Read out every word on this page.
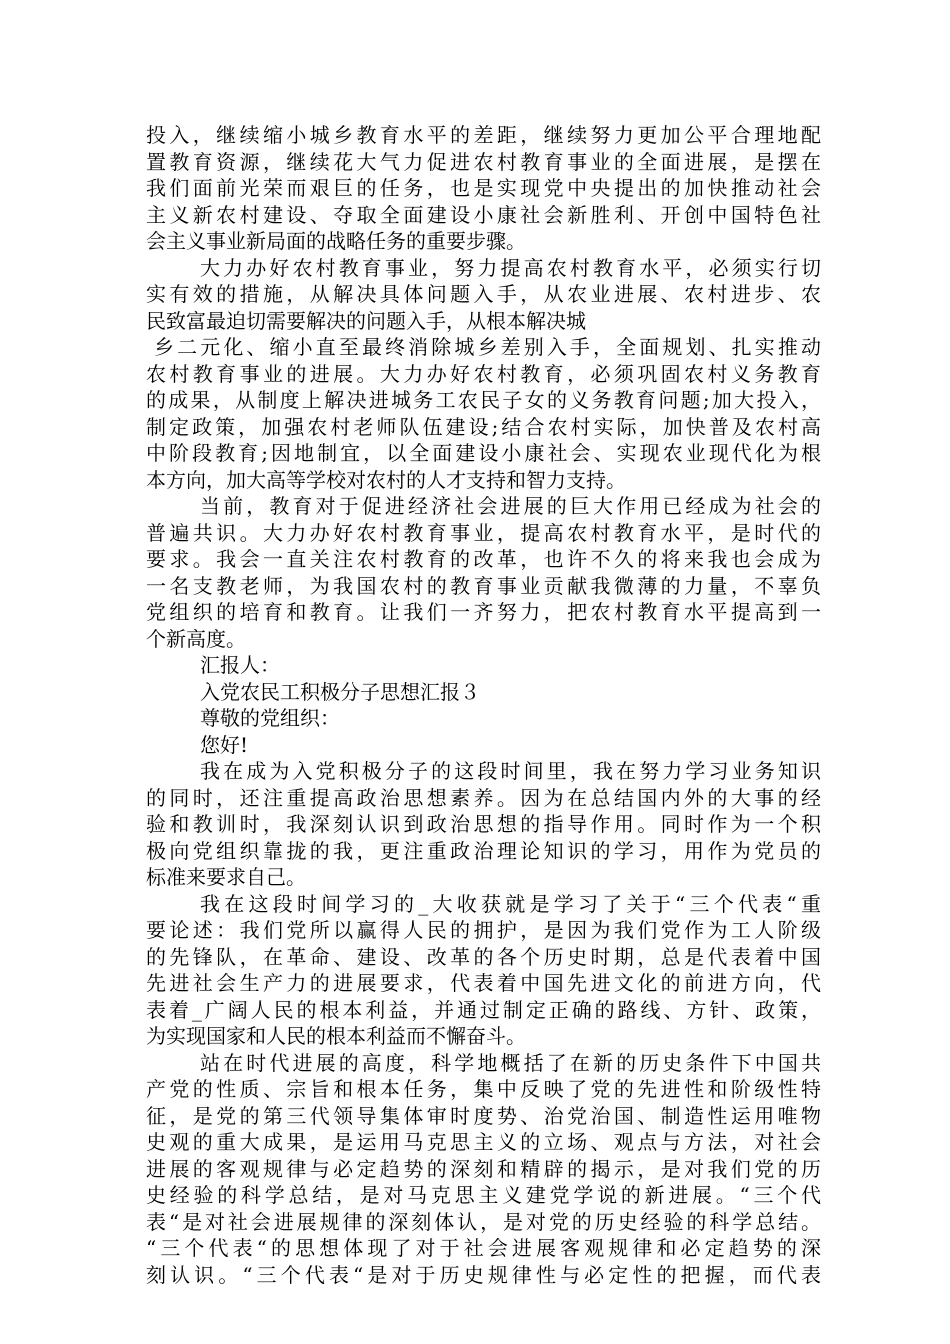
投入，继续缩小城乡教育水平的差距，继续努力更加公平合理地配
置教育资源，继续花大气力促进农村教育事业的全面进展，是摆在
我们面前光荣而艰巨的任务，也是实现党中央提出的加快推动社会
主义新农村建设、夺取全面建设小康社会新胜利、开创中国特色社
会主义事业新局面的战略任务的重要步骤。
大力办好农村教育事业，努力提高农村教育水平，必须实行切
实有效的措施，从解决具体问题入手，从农业进展、农村进步、农
民致富最迫切需要解决的问题入手，从根本解决城
乡二元化、缩小直至最终消除城乡差别入手，全面规划、扎实推动
农村教育事业的进展。大力办好农村教育，必须巩固农村义务教育
的成果，从制度上解决进城务工农民子女的义务教育问题;加大投入，
制定政策，加强农村老师队伍建设;结合农村实际，加快普及农村高
中阶段教育;因地制宜，以全面建设小康社会、实现农业现代化为根
本方向，加大高等学校对农村的人才支持和智力支持。
当前，教育对于促进经济社会进展的巨大作用已经成为社会的
普遍共识。大力办好农村教育事业，提高农村教育水平，是时代的
要求。我会一直关注农村教育的改革，也许不久的将来我也会成为
一名支教老师，为我国农村的教育事业贡献我微薄的力量，不辜负
党组织的培育和教育。让我们一齐努力，把农村教育水平提高到一
个新高度。
汇报人：
入党农民工积极分子思想汇报３
尊敬的党组织：
您好!
我在成为入党积极分子的这段时间里，我在努力学习业务知识
的同时，还注重提高政治思想素养。因为在总结国内外的大事的经
验和教训时，我深刻认识到政治思想的指导作用。同时作为一个积
极向党组织靠拢的我，更注重政治理论知识的学习，用作为党员的
标准来要求自己。
我在这段时间学习的_大收获就是学习了关于“三个代表“重
要论述：我们党所以赢得人民的拥护，是因为我们党作为工人阶级
的先锋队，在革命、建设、改革的各个历史时期，总是代表着中国
先进社会生产力的进展要求，代表着中国先进文化的前进方向，代
表着_广阔人民的根本利益，并通过制定正确的路线、方针、政策，
为实现国家和人民的根本利益而不懈奋斗。
站在时代进展的高度，科学地概括了在新的历史条件下中国共
产党的性质、宗旨和根本任务，集中反映了党的先进性和阶级性特
征，是党的第三代领导集体审时度势、治党治国、制造性运用唯物
史观的重大成果，是运用马克思主义的立场、观点与方法，对社会
进展的客观规律与必定趋势的深刻和精辟的揭示，是对我们党的历
史经验的科学总结，是对马克思主义建党学说的新进展。“三个代
表“是对社会进展规律的深刻体认，是对党的历史经验的科学总结。
“三个代表“的思想体现了对于社会进展客观规律和必定趋势的深
刻认识。“三个代表“是对于历史规律性与必定性的把握，而代表
